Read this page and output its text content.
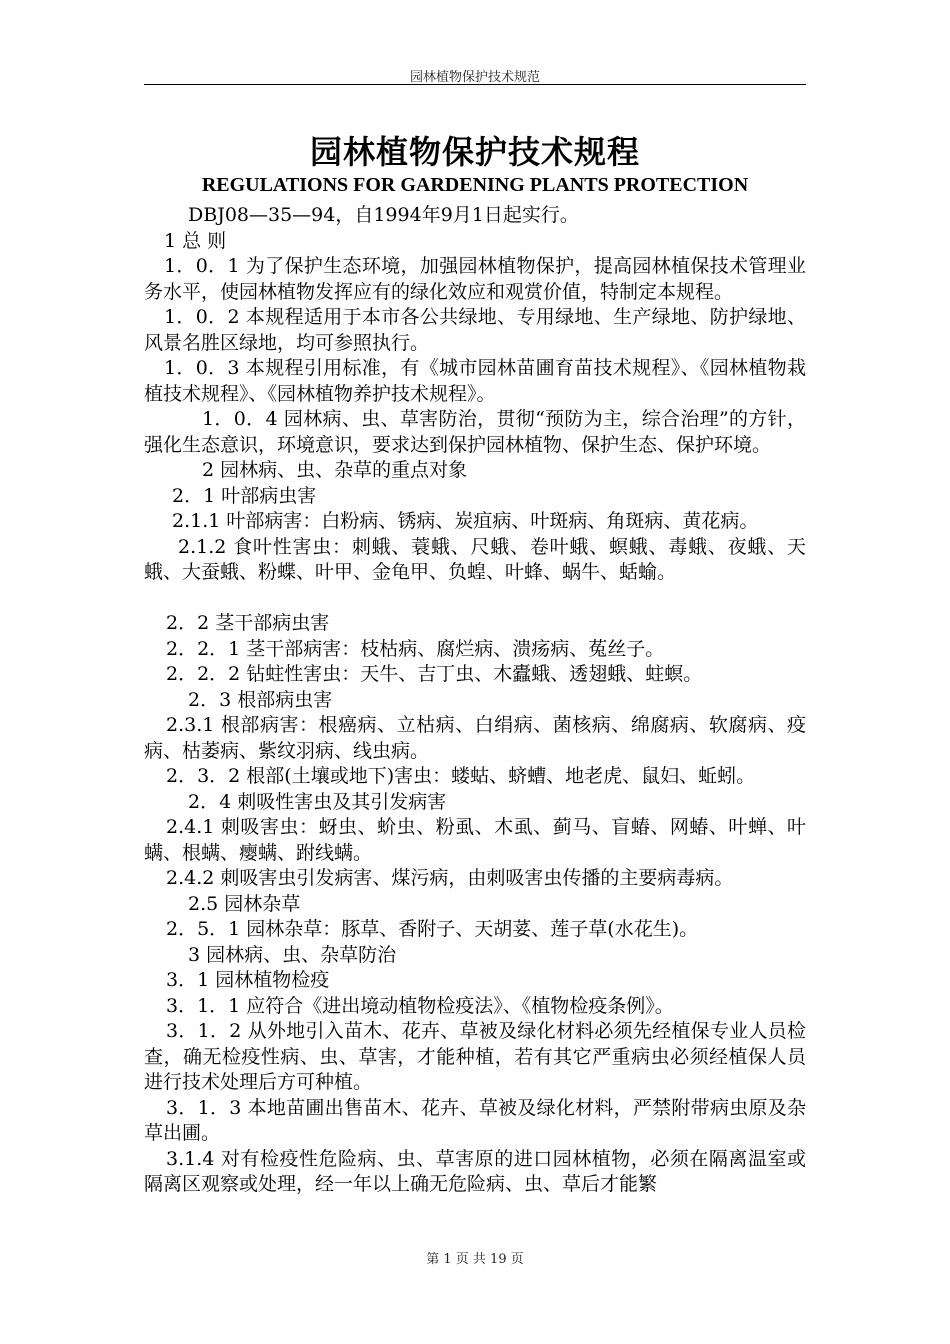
园林植物保护技术规范
园林植物保护技术规程
REGULATIONS FOR GARDENING PLANTS PROTECTION

DBJ08—35—94，自1994年9月1日起实行。

1 总 则

1．0．1 为了保护生态环境，加强园林植物保护，提高园林植保技术管理业务水平，使园林植物发挥应有的绿化效应和观赏价值，特制定本规程。

1．0．2 本规程适用于本市各公共绿地、专用绿地、生产绿地、防护绿地、风景名胜区绿地，均可参照执行。

1．0．3 本规程引用标准，有《城市园林苗圃育苗技术规程》、《园林植物栽植技术规程》、《园林植物养护技术规程》。

1．0．4 园林病、虫、草害防治，贯彻“预防为主，综合治理”的方针，强化生态意识，环境意识，要求达到保护园林植物、保护生态、保护环境。

2 园林病、虫、杂草的重点对象

2．1 叶部病虫害

2.1.1 叶部病害：白粉病、锈病、炭疽病、叶斑病、角斑病、黄花病。

2.1.2 食叶性害虫：刺蛾、蓑蛾、尺蛾、卷叶蛾、螟蛾、毒蛾、夜蛾、天蛾、大蚕蛾、粉蝶、叶甲、金龟甲、负蝗、叶蜂、蜗牛、蛞蝓。

2．2 茎干部病虫害

2．2．1 茎干部病害：枝枯病、腐烂病、溃疡病、菟丝子。

2．2．2 钻蛀性害虫：天牛、吉丁虫、木蠹蛾、透翅蛾、蛀螟。

2．3 根部病虫害

2.3.1 根部病害：根癌病、立枯病、白绢病、菌核病、绵腐病、软腐病、疫病、枯萎病、紫纹羽病、线虫病。

2．3．2 根部(土壤或地下)害虫：蝼蛄、蛴螬、地老虎、鼠妇、蚯蚓。

2．4 刺吸性害虫及其引发病害

2.4.1 刺吸害虫：蚜虫、蚧虫、粉虱、木虱、蓟马、盲蝽、网蝽、叶蝉、叶螨、根螨、瘿螨、跗线螨。

2.4.2 刺吸害虫引发病害、煤污病，由刺吸害虫传播的主要病毒病。

2.5 园林杂草

2．5．1 园林杂草：豚草、香附子、天胡荽、莲子草(水花生)。

3 园林病、虫、杂草防治

3．1 园林植物检疫

3．1．1 应符合《进出境动植物检疫法》、《植物检疫条例》。

3．1．2 从外地引入苗木、花卉、草被及绿化材料必须先经植保专业人员检查，确无检疫性病、虫、草害，才能种植，若有其它严重病虫必须经植保人员进行技术处理后方可种植。

3．1．3 本地苗圃出售苗木、花卉、草被及绿化材料，严禁附带病虫原及杂草出圃。

3.1.4 对有检疫性危险病、虫、草害原的进口园林植物，必须在隔离温室或隔离区观察或处理，经一年以上确无危险病、虫、草后才能繁

第 1 页 共 19 页
